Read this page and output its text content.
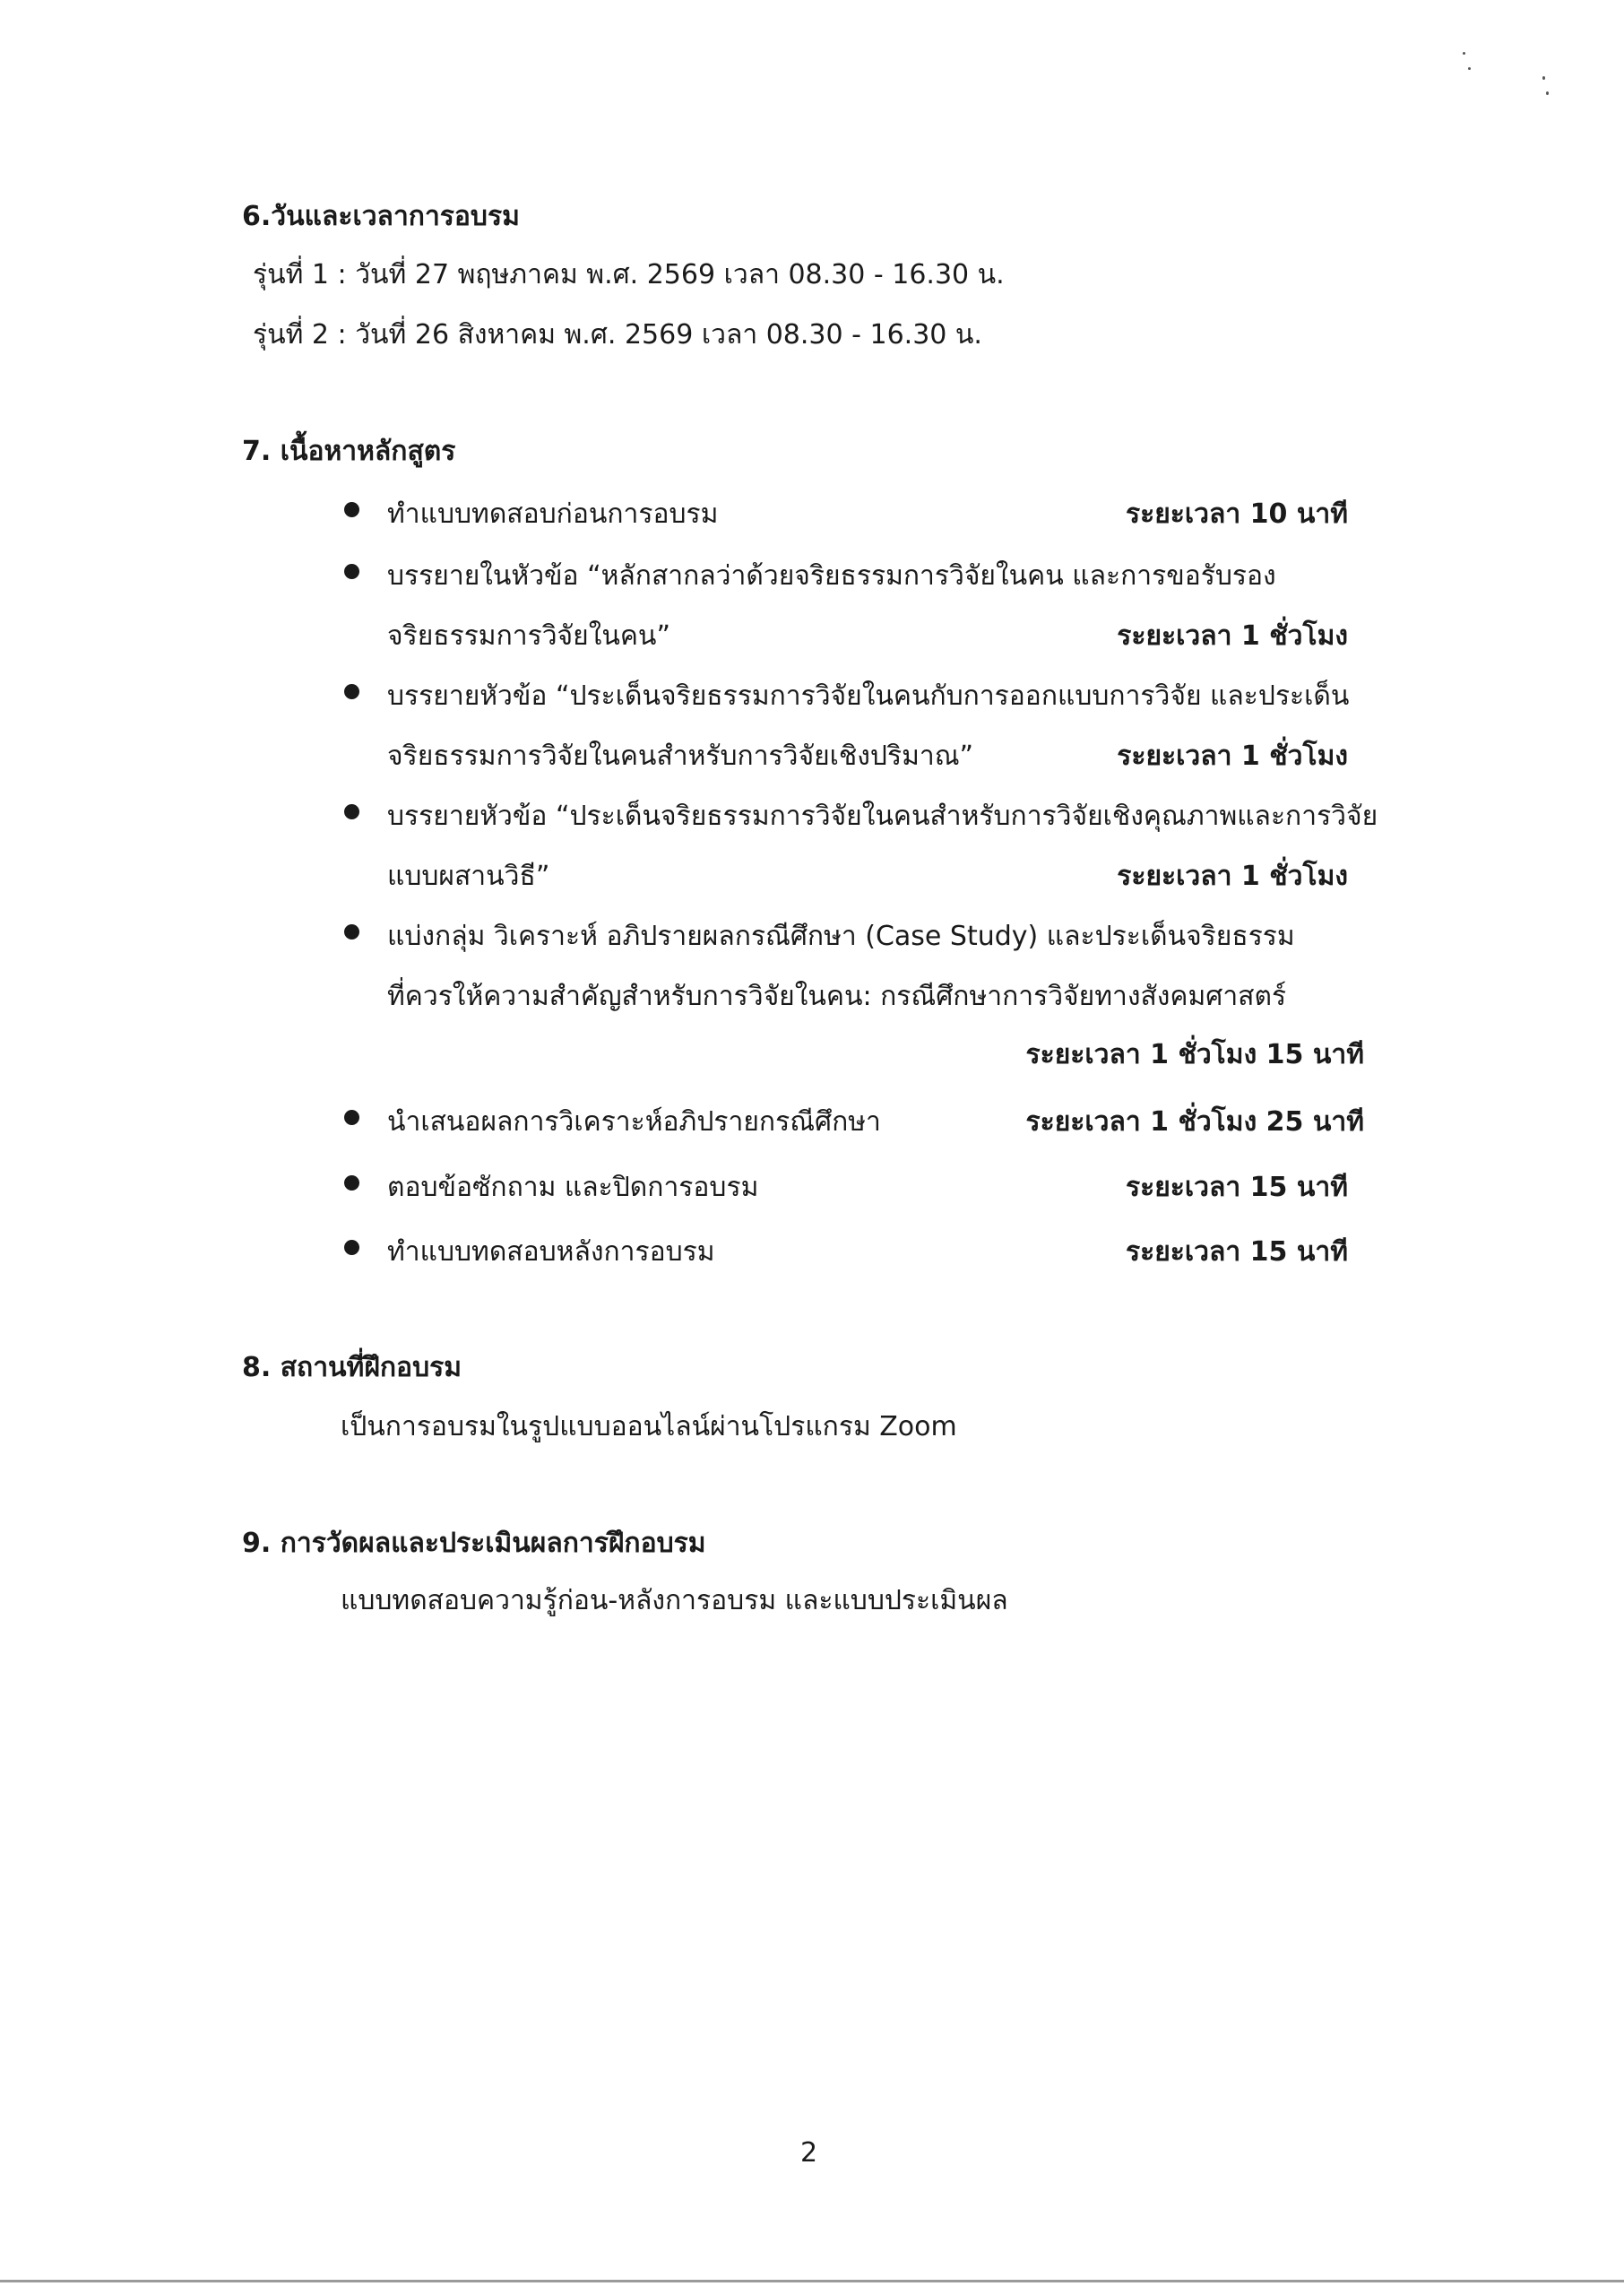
6.วันและเวลาการอบรม
รุ่นที่ 1 : วันที่ 27 พฤษภาคม พ.ศ. 2569 เวลา 08.30 - 16.30 น.
รุ่นที่ 2 : วันที่ 26 สิงหาคม พ.ศ. 2569 เวลา 08.30 - 16.30 น.
7. เนื้อหาหลักสูตร
ทำแบบทดสอบก่อนการอบรม	ระยะเวลา 10 นาที
บรรยายในหัวข้อ “หลักสากลว่าด้วยจริยธรรมการวิจัยในคน และการขอรับรอง
จริยธรรมการวิจัยในคน”	ระยะเวลา 1 ชั่วโมง
บรรยายหัวข้อ “ประเด็นจริยธรรมการวิจัยในคนกับการออกแบบการวิจัย และประเด็น
จริยธรรมการวิจัยในคนสำหรับการวิจัยเชิงปริมาณ”	ระยะเวลา 1 ชั่วโมง
บรรยายหัวข้อ “ประเด็นจริยธรรมการวิจัยในคนสำหรับการวิจัยเชิงคุณภาพและการวิจัย
แบบผสานวิธี”	ระยะเวลา 1 ชั่วโมง
แบ่งกลุ่ม วิเคราะห์ อภิปรายผลกรณีศึกษา (Case Study) และประเด็นจริยธรรม
ที่ควรให้ความสำคัญสำหรับการวิจัยในคน: กรณีศึกษาการวิจัยทางสังคมศาสตร์
ระยะเวลา 1 ชั่วโมง 15 นาที
นำเสนอผลการวิเคราะห์อภิปรายกรณีศึกษา	ระยะเวลา 1 ชั่วโมง 25 นาที
ตอบข้อซักถาม และปิดการอบรม	ระยะเวลา 15 นาที
ทำแบบทดสอบหลังการอบรม	ระยะเวลา 15 นาที
8. สถานที่ฝึกอบรม
เป็นการอบรมในรูปแบบออนไลน์ผ่านโปรแกรม Zoom
9. การวัดผลและประเมินผลการฝึกอบรม
แบบทดสอบความรู้ก่อน-หลังการอบรม และแบบประเมินผล
2
